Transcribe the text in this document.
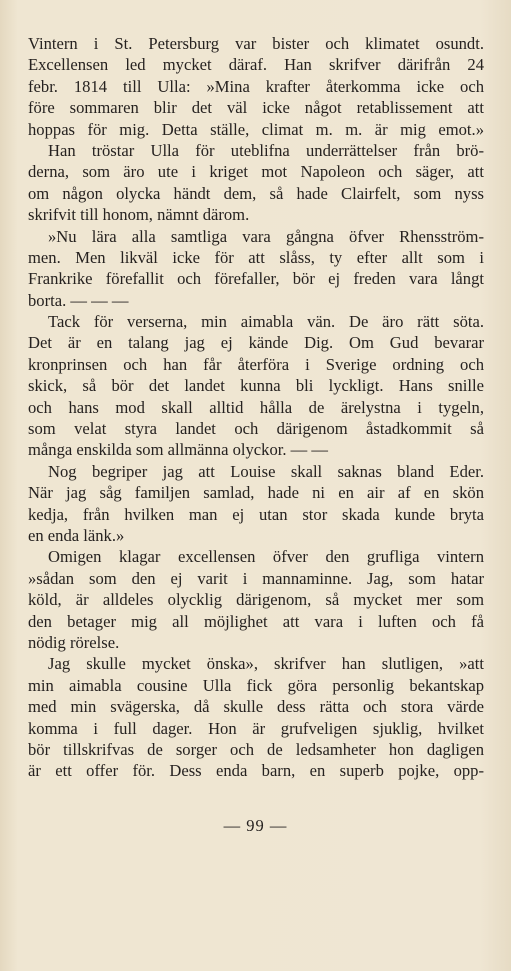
Vintern i St. Petersburg var bister och klimatet osundt.
Excellensen led mycket däraf. Han skrifver därifrån 24
febr. 1814 till Ulla: »Mina krafter återkomma icke och
före sommaren blir det väl icke något retablissement att
hoppas för mig. Detta ställe, climat m. m. är mig emot.»
Han tröstar Ulla för uteblifna underrättelser från brö-
derna, som äro ute i kriget mot Napoleon och säger, att
om någon olycka händt dem, så hade Clairfelt, som nyss
skrifvit till honom, nämnt därom.
»Nu lära alla samtliga vara gångna öfver Rhensström-
men. Men likväl icke för att slåss, ty efter allt som i
Frankrike förefallit och förefaller, bör ej freden vara långt
borta. — — —
Tack för verserna, min aimabla vän. De äro rätt söta.
Det är en talang jag ej kände Dig. Om Gud bevarar
kronprinsen och han får återföra i Sverige ordning och
skick, så bör det landet kunna bli lyckligt. Hans snille
och hans mod skall alltid hålla de ärelystna i tygeln,
som velat styra landet och därigenom åstadkommit så
många enskilda som allmänna olyckor. — —
Nog begriper jag att Louise skall saknas bland Eder.
När jag såg familjen samlad, hade ni en air af en skön
kedja, från hvilken man ej utan stor skada kunde bryta
en enda länk.»
Omigen klagar excellensen öfver den grufliga vintern
»sådan som den ej varit i mannaminne. Jag, som hatar
köld, är alldeles olycklig därigenom, så mycket mer som
den betager mig all möjlighet att vara i luften och få
nödig rörelse.
Jag skulle mycket önska», skrifver han slutligen, »att
min aimabla cousine Ulla fick göra personlig bekantskap
med min svägerska, då skulle dess rätta och stora värde
komma i full dager. Hon är grufveligen sjuklig, hvilket
bör tillskrifvas de sorger och de ledsamheter hon dagligen
är ett offer för. Dess enda barn, en superb pojke, opp-
— 99 —
